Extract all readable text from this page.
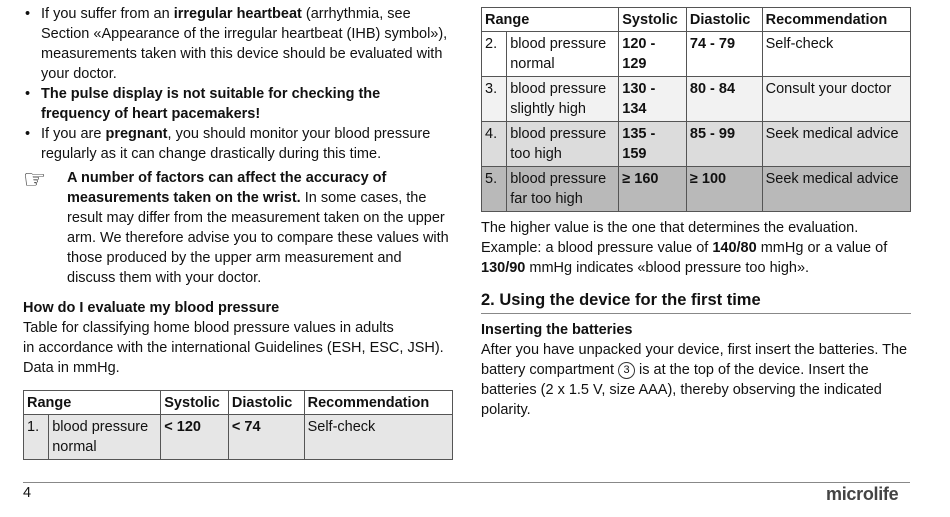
• If you suffer from an irregular heartbeat (arrhythmia, see Section «Appearance of the irregular heartbeat (IHB) symbol»), measurements taken with this device should be evaluated with your doctor.
• The pulse display is not suitable for checking the frequency of heart pacemakers!
• If you are pregnant, you should monitor your blood pressure regularly as it can change drastically during this time.
☞ A number of factors can affect the accuracy of measurements taken on the wrist. In some cases, the result may differ from the measurement taken on the upper arm. We therefore advise you to compare these values with those produced by the upper arm measurement and discuss them with your doctor.
How do I evaluate my blood pressure

Table for classifying home blood pressure values in adults

in accordance with the international Guidelines (ESH, ESC, JSH).

Data in mmHg.

Range		Systolic	Diastolic	Recommendation
1.	blood pressure normal	< 120	< 74	Self-check
Range		Systolic	Diastolic	Recommendation
2.	blood pressure normal	120 - 129	74 - 79	Self-check
3.	blood pressure slightly high	130 - 134	80 - 84	Consult your doctor
4.	blood pressure too high	135 - 159	85 - 99	Seek medical advice
5.	blood pressure far too high	≥ 160	≥ 100	Seek medical advice

The higher value is the one that determines the evaluation. Example: a blood pressure value of 140/80 mmHg or a value of 130/90 mmHg indicates «blood pressure too high».

2. Using the device for the first time
Inserting the batteries

After you have unpacked your device, first insert the batteries. The battery compartment 3 is at the top of the device. Insert the batteries (2 x 1.5 V, size AAA), thereby observing the indicated polarity.

4	microlife
